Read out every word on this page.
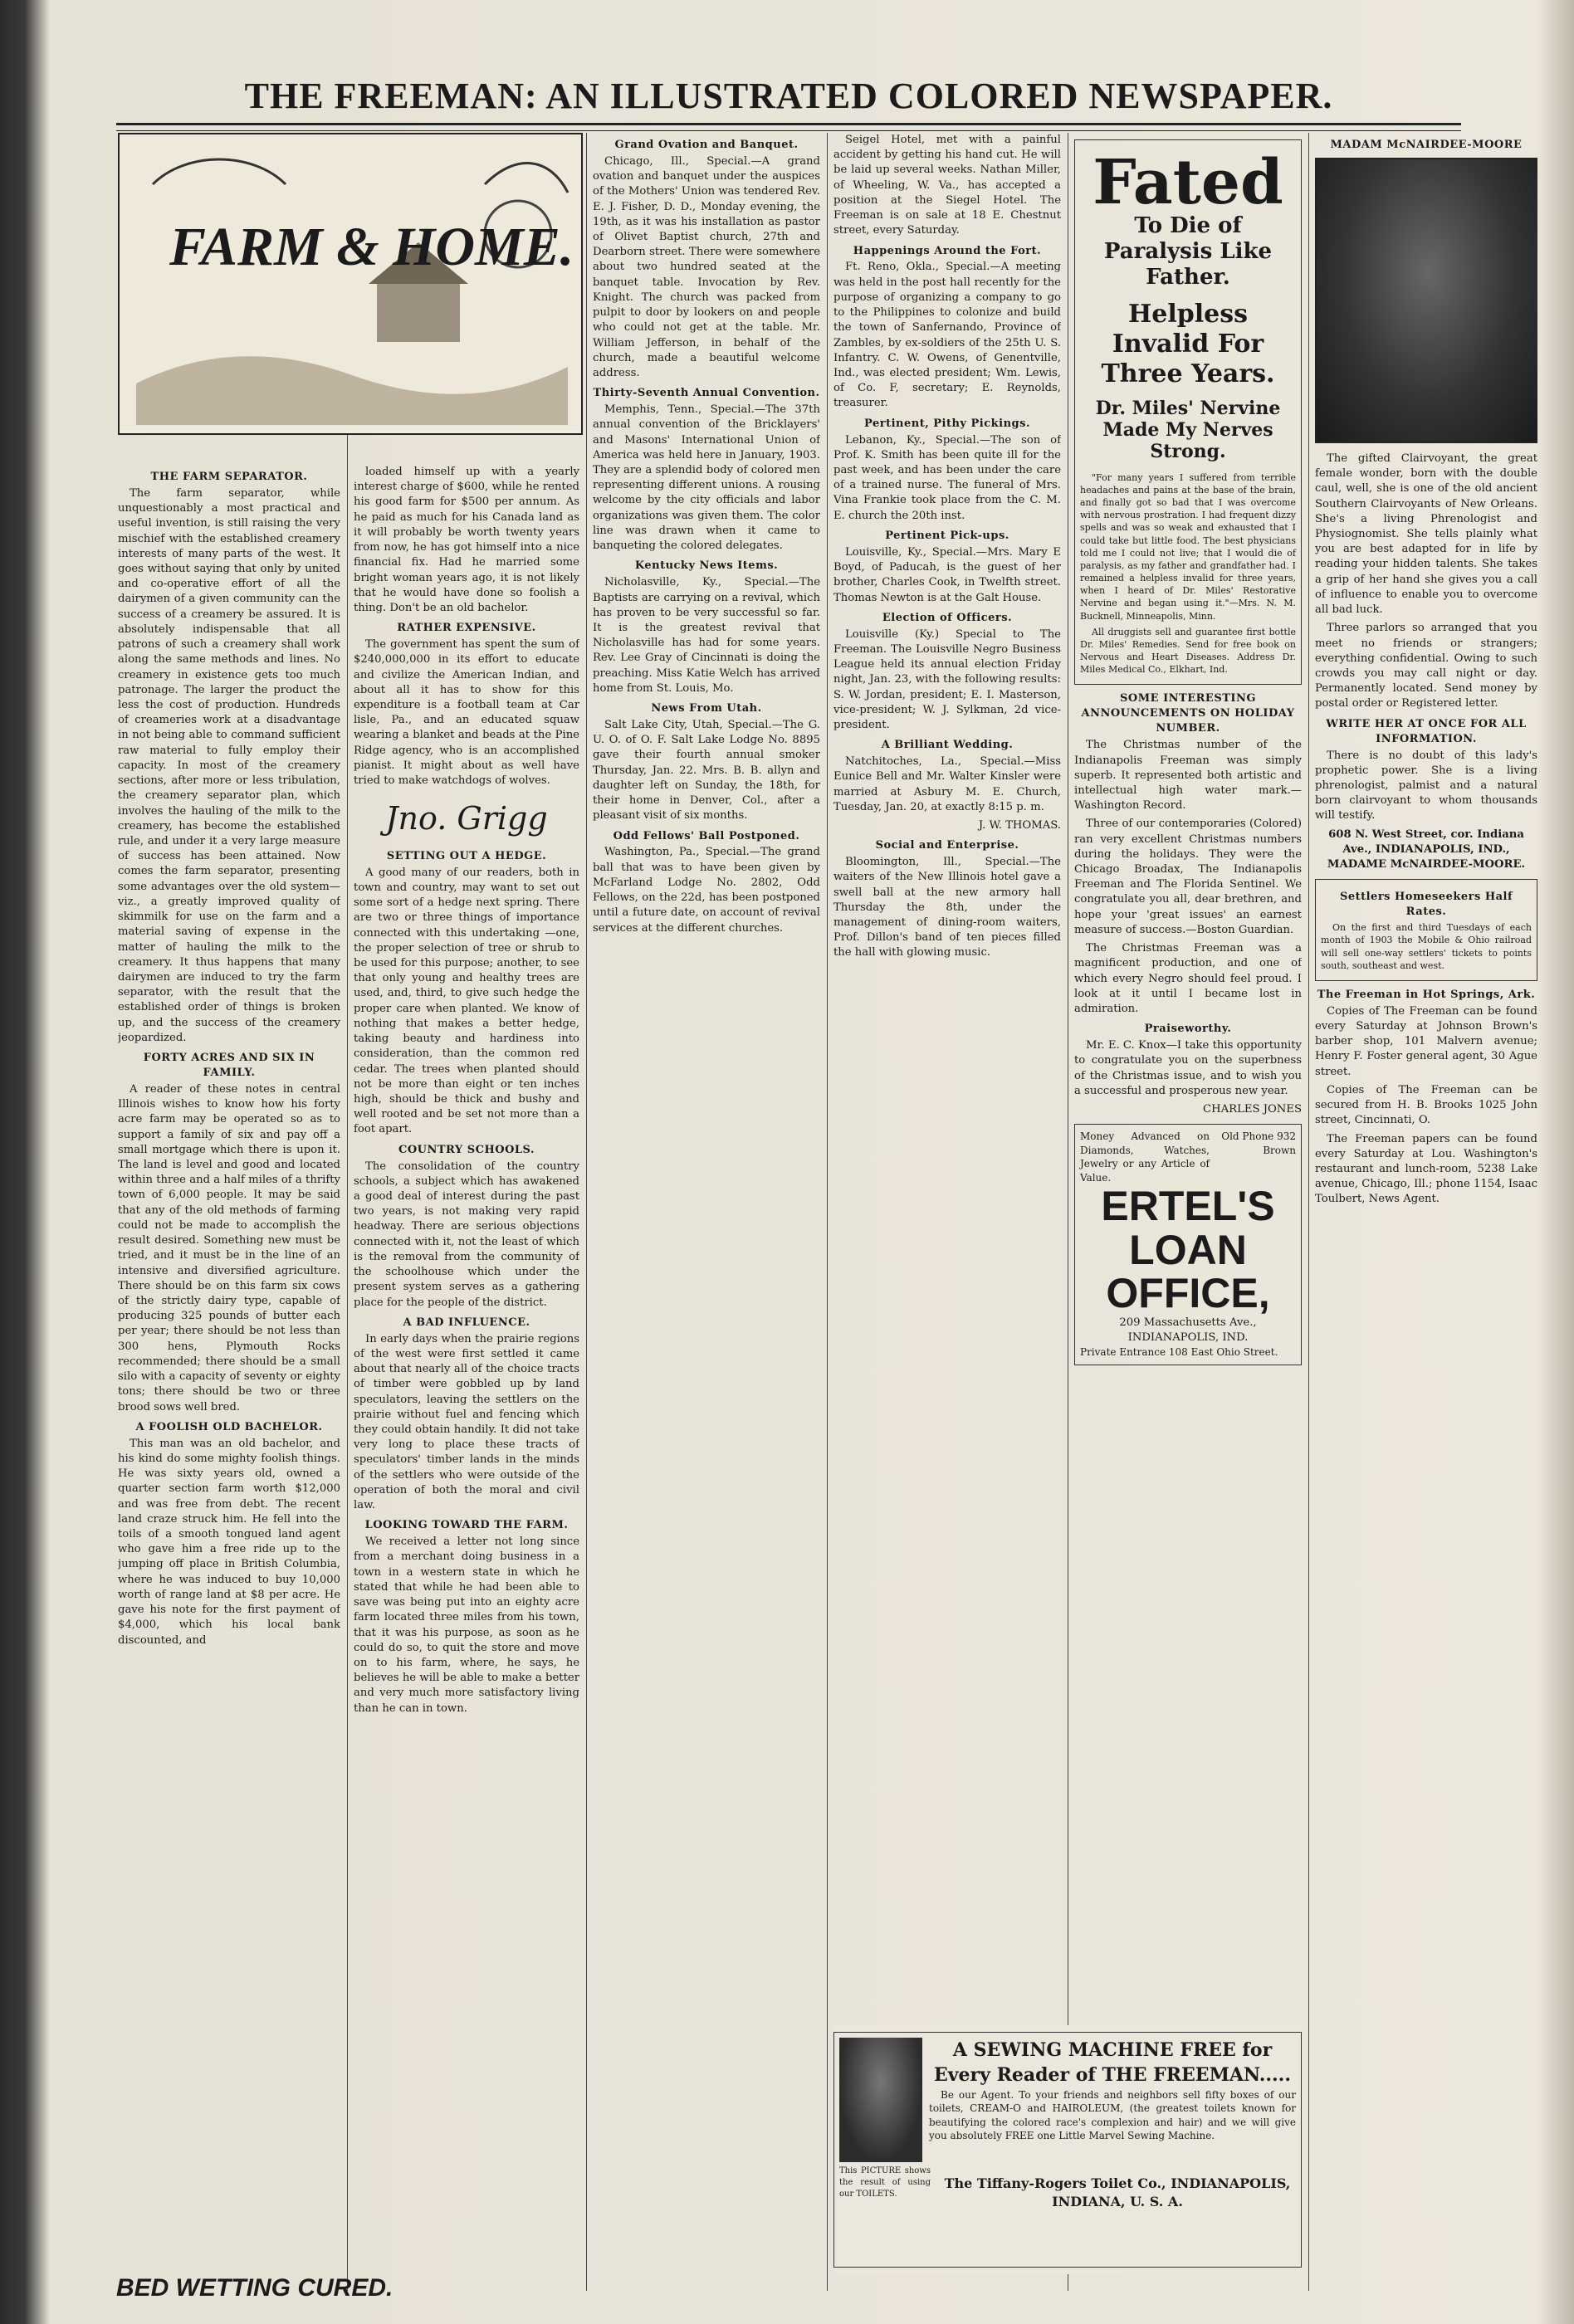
THE FREEMAN: AN ILLUSTRATED COLORED NEWSPAPER.
FARM & HOME.
THE FARM SEPARATOR.

The farm separator, while unquestionably a most practical and useful invention, is still raising the very mischief with the established creamery interests of many parts of the west. It goes without saying that only by united and co-operative effort of all the dairymen of a given community can the success of a creamery be assured. It is absolutely indispensable that all patrons of such a creamery shall work along the same methods and lines. No creamery in existence gets too much patronage. The larger the product the less the cost of production. Hundreds of creameries work at a disadvantage in not being able to command sufficient raw material to fully employ their capacity. In most of the creamery sections, after more or less tribulation, the creamery separator plan, which involves the hauling of the milk to the creamery, has become the established rule, and under it a very large measure of success has been attained. Now comes the farm separator, presenting some advantages over the old system—viz., a greatly improved quality of skimmilk for use on the farm and a material saving of expense in the matter of hauling the milk to the creamery. It thus happens that many dairymen are induced to try the farm separator, with the result that the established order of things is broken up, and the success of the creamery jeopardized.

FORTY ACRES AND SIX IN FAMILY.

A reader of these notes in central Illinois wishes to know how his forty acre farm may be operated so as to support a family of six and pay off a small mortgage which there is upon it. The land is level and good and located within three and a half miles of a thrifty town of 6,000 people. It may be said that any of the old methods of farming could not be made to accomplish the result desired. Something new must be tried, and it must be in the line of an intensive and diversified agriculture. There should be on this farm six cows of the strictly dairy type, capable of producing 325 pounds of butter each per year; there should be not less than 300 hens, Plymouth Rocks recommended; there should be a small silo with a capacity of seventy or eighty tons; there should be two or three brood sows well bred.

A FOOLISH OLD BACHELOR.

This man was an old bachelor, and his kind do some mighty foolish things. He was sixty years old, owned a quarter section farm worth $12,000 and was free from debt. The recent land craze struck him. He fell into the toils of a smooth tongued land agent who gave him a free ride up to the jumping off place in British Columbia, where he was induced to buy 10,000 worth of range land at $8 per acre. He gave his note for the first payment of $4,000, which his local bank discounted, and

loaded himself up with a yearly interest charge of $600, while he rented his good farm for $500 per annum. As he paid as much for his Canada land as it will probably be worth twenty years from now, he has got himself into a nice financial fix. Had he married some bright woman years ago, it is not likely that he would have done so foolish a thing. Don't be an old bachelor.

RATHER EXPENSIVE.

The government has spent the sum of $240,000,000 in its effort to educate and civilize the American Indian, and about all it has to show for this expenditure is a football team at Car lisle, Pa., and an educated squaw wearing a blanket and beads at the Pine Ridge agency, who is an accomplished pianist. It might about as well have tried to make watchdogs of wolves.

Jno. Grigg
SETTING OUT A HEDGE.

A good many of our readers, both in town and country, may want to set out some sort of a hedge next spring. There are two or three things of importance connected with this undertaking —one, the proper selection of tree or shrub to be used for this purpose; another, to see that only young and healthy trees are used, and, third, to give such hedge the proper care when planted. We know of nothing that makes a better hedge, taking beauty and hardiness into consideration, than the common red cedar. The trees when planted should not be more than eight or ten inches high, should be thick and bushy and well rooted and be set not more than a foot apart.

COUNTRY SCHOOLS.

The consolidation of the country schools, a subject which has awakened a good deal of interest during the past two years, is not making very rapid headway. There are serious objections connected with it, not the least of which is the removal from the community of the schoolhouse which under the present system serves as a gathering place for the people of the district.

A BAD INFLUENCE.

In early days when the prairie regions of the west were first settled it came about that nearly all of the choice tracts of timber were gobbled up by land speculators, leaving the settlers on the prairie without fuel and fencing which they could obtain handily. It did not take very long to place these tracts of speculators' timber lands in the minds of the settlers who were outside of the operation of both the moral and civil law.

LOOKING TOWARD THE FARM.

We received a letter not long since from a merchant doing business in a town in a western state in which he stated that while he had been able to save was being put into an eighty acre farm located three miles from his town, that it was his purpose, as soon as he could do so, to quit the store and move on to his farm, where, he says, he believes he will be able to make a better and very much more satisfactory living than he can in town.

Grand Ovation and Banquet.

Chicago, Ill., Special.—A grand ovation and banquet under the auspices of the Mothers' Union was tendered Rev. E. J. Fisher, D. D., Monday evening, the 19th, as it was his installation as pastor of Olivet Baptist church, 27th and Dearborn street. There were somewhere about two hundred seated at the banquet table. Invocation by Rev. Knight. The church was packed from pulpit to door by lookers on and people who could not get at the table. Mr. William Jefferson, in behalf of the church, made a beautiful welcome address.

Thirty-Seventh Annual Convention.

Memphis, Tenn., Special.—The 37th annual convention of the Bricklayers' and Masons' International Union of America was held here in January, 1903. They are a splendid body of colored men representing different unions. A rousing welcome by the city officials and labor organizations was given them. The color line was drawn when it came to banqueting the colored delegates.

Kentucky News Items.

Nicholasville, Ky., Special.—The Baptists are carrying on a revival, which has proven to be very successful so far. It is the greatest revival that Nicholasville has had for some years. Rev. Lee Gray of Cincinnati is doing the preaching. Miss Katie Welch has arrived home from St. Louis, Mo.

News From Utah.

Salt Lake City, Utah, Special.—The G. U. O. of O. F. Salt Lake Lodge No. 8895 gave their fourth annual smoker Thursday, Jan. 22. Mrs. B. B. allyn and daughter left on Sunday, the 18th, for their home in Denver, Col., after a pleasant visit of six months.

Odd Fellows' Ball Postponed.

Washington, Pa., Special.—The grand ball that was to have been given by McFarland Lodge No. 2802, Odd Fellows, on the 22d, has been postponed until a future date, on account of revival services at the different churches.

Seigel Hotel, met with a painful accident by getting his hand cut. He will be laid up several weeks. Nathan Miller, of Wheeling, W. Va., has accepted a position at the Siegel Hotel. The Freeman is on sale at 18 E. Chestnut street, every Saturday.

Happenings Around the Fort.

Ft. Reno, Okla., Special.—A meeting was held in the post hall recently for the purpose of organizing a company to go to the Philippines to colonize and build the town of Sanfernando, Province of Zambles, by ex-soldiers of the 25th U. S. Infantry. C. W. Owens, of Genentville, Ind., was elected president; Wm. Lewis, of Co. F, secretary; E. Reynolds, treasurer.

Pertinent, Pithy Pickings.

Lebanon, Ky., Special.—The son of Prof. K. Smith has been quite ill for the past week, and has been under the care of a trained nurse. The funeral of Mrs. Vina Frankie took place from the C. M. E. church the 20th inst.

Pertinent Pick-ups.

Louisville, Ky., Special.—Mrs. Mary E Boyd, of Paducah, is the guest of her brother, Charles Cook, in Twelfth street. Thomas Newton is at the Galt House.

Election of Officers.

Louisville (Ky.) Special to The Freeman. The Louisville Negro Business League held its annual election Friday night, Jan. 23, with the following results: S. W. Jordan, president; E. I. Masterson, vice-president; W. J. Sylkman, 2d vice-president.

A Brilliant Wedding.

Natchitoches, La., Special.—Miss Eunice Bell and Mr. Walter Kinsler were married at Asbury M. E. Church, Tuesday, Jan. 20, at exactly 8:15 p. m.

J. W. THOMAS.
Social and Enterprise.

Bloomington, Ill., Special.—The waiters of the New Illinois hotel gave a swell ball at the new armory hall Thursday the 8th, under the management of dining-room waiters, Prof. Dillon's band of ten pieces filled the hall with glowing music.

Fated
To Die of Paralysis Like Father.
Helpless Invalid For Three Years.
Dr. Miles' Nervine Made My Nerves Strong.

"For many years I suffered from terrible headaches and pains at the base of the brain, and finally got so bad that I was overcome with nervous prostration. I had frequent dizzy spells and was so weak and exhausted that I could take but little food. The best physicians told me I could not live; that I would die of paralysis, as my father and grandfather had. I remained a helpless invalid for three years, when I heard of Dr. Miles' Restorative Nervine and began using it."—Mrs. N. M. Bucknell, Minneapolis, Minn.

All druggists sell and guarantee first bottle Dr. Miles' Remedies. Send for free book on Nervous and Heart Diseases. Address Dr. Miles Medical Co., Elkhart, Ind.

SOME INTERESTING ANNOUNCEMENTS ON HOLIDAY NUMBER.

The Christmas number of the Indianapolis Freeman was simply superb. It represented both artistic and intellectual high water mark.—Washington Record.

Three of our contemporaries (Colored) ran very excellent Christmas numbers during the holidays. They were the Chicago Broadax, The Indianapolis Freeman and The Florida Sentinel. We congratulate you all, dear brethren, and hope your 'great issues' an earnest measure of success.—Boston Guardian.

The Christmas Freeman was a magnificent production, and one of which every Negro should feel proud. I look at it until I became lost in admiration.

Praiseworthy.

Mr. E. C. Knox—I take this opportunity to congratulate you on the superbness of the Christmas issue, and to wish you a successful and prosperous new year.

CHARLES JONES
Money Advanced on Diamonds, Watches, Jewelry or any Article of Value.
Old Phone 932 Brown
ERTEL'S LOAN OFFICE,
209 Massachusetts Ave., INDIANAPOLIS, IND.
Private Entrance 108 East Ohio Street.
A SEWING MACHINE FREE for Every Reader of THE FREEMAN.....

Be our Agent. To your friends and neighbors sell fifty boxes of our toilets, CREAM-O and HAIROLEUM, (the greatest toilets known for beautifying the colored race's complexion and hair) and we will give you absolutely FREE one Little Marvel Sewing Machine.

This PICTURE shows the result of using our TOILETS.
The Tiffany-Rogers Toilet Co., INDIANAPOLIS, INDIANA, U. S. A.
MADAM McNAIRDEE-MOORE

The gifted Clairvoyant, the great female wonder, born with the double caul, well, she is one of the old ancient Southern Clairvoyants of New Orleans. She's a living Phrenologist and Physiognomist. She tells plainly what you are best adapted for in life by reading your hidden talents. She takes a grip of her hand she gives you a call of influence to enable you to overcome all bad luck.

Three parlors so arranged that you meet no friends or strangers; everything confidential. Owing to such crowds you may call night or day. Permanently located. Send money by postal order or Registered letter.

WRITE HER AT ONCE FOR ALL INFORMATION.

There is no doubt of this lady's prophetic power. She is a living phrenologist, palmist and a natural born clairvoyant to whom thousands will testify.

608 N. West Street, cor. Indiana Ave., INDIANAPOLIS, IND., MADAME McNAIRDEE-MOORE.
Settlers Homeseekers Half Rates.

On the first and third Tuesdays of each month of 1903 the Mobile & Ohio railroad will sell one-way settlers' tickets to points south, southeast and west.

The Freeman in Hot Springs, Ark.

Copies of The Freeman can be found every Saturday at Johnson Brown's barber shop, 101 Malvern avenue; Henry F. Foster general agent, 30 Ague street.

Copies of The Freeman can be secured from H. B. Brooks 1025 John street, Cincinnati, O.

The Freeman papers can be found every Saturday at Lou. Washington's restaurant and lunch-room, 5238 Lake avenue, Chicago, Ill.; phone 1154, Isaac Toulbert, News Agent.

BED WETTING CURED.
